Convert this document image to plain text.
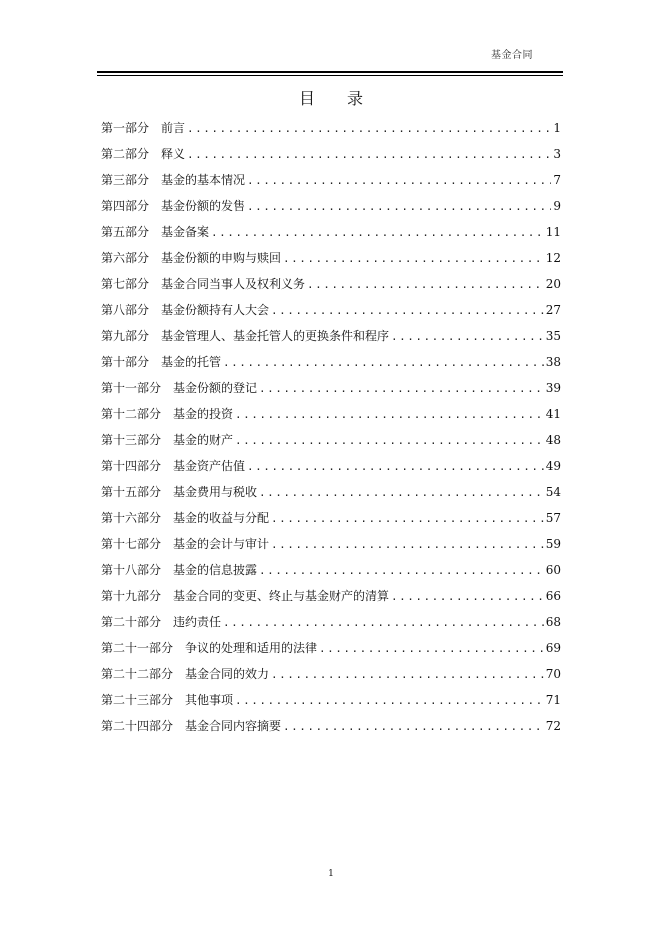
基金合同
目　　录
第一部分 前言 .....	1
第二部分 释义 .....	3
第三部分 基金的基本情况 .....	7
第四部分 基金份额的发售 .....	9
第五部分 基金备案 .....	11
第六部分 基金份额的申购与赎回 .....	12
第七部分 基金合同当事人及权利义务 .....	20
第八部分 基金份额持有人大会 .....	27
第九部分 基金管理人、基金托管人的更换条件和程序 .....	35
第十部分 基金的托管 .....	38
第十一部分 基金份额的登记 .....	39
第十二部分 基金的投资 .....	41
第十三部分 基金的财产 .....	48
第十四部分 基金资产估值 .....	49
第十五部分 基金费用与税收 .....	54
第十六部分 基金的收益与分配 .....	57
第十七部分 基金的会计与审计 .....	59
第十八部分 基金的信息披露 .....	60
第十九部分 基金合同的变更、终止与基金财产的清算 .....	66
第二十部分 违约责任 .....	68
第二十一部分 争议的处理和适用的法律 .....	69
第二十二部分 基金合同的效力 .....	70
第二十三部分 其他事项 .....	71
第二十四部分 基金合同内容摘要 .....	72
1
